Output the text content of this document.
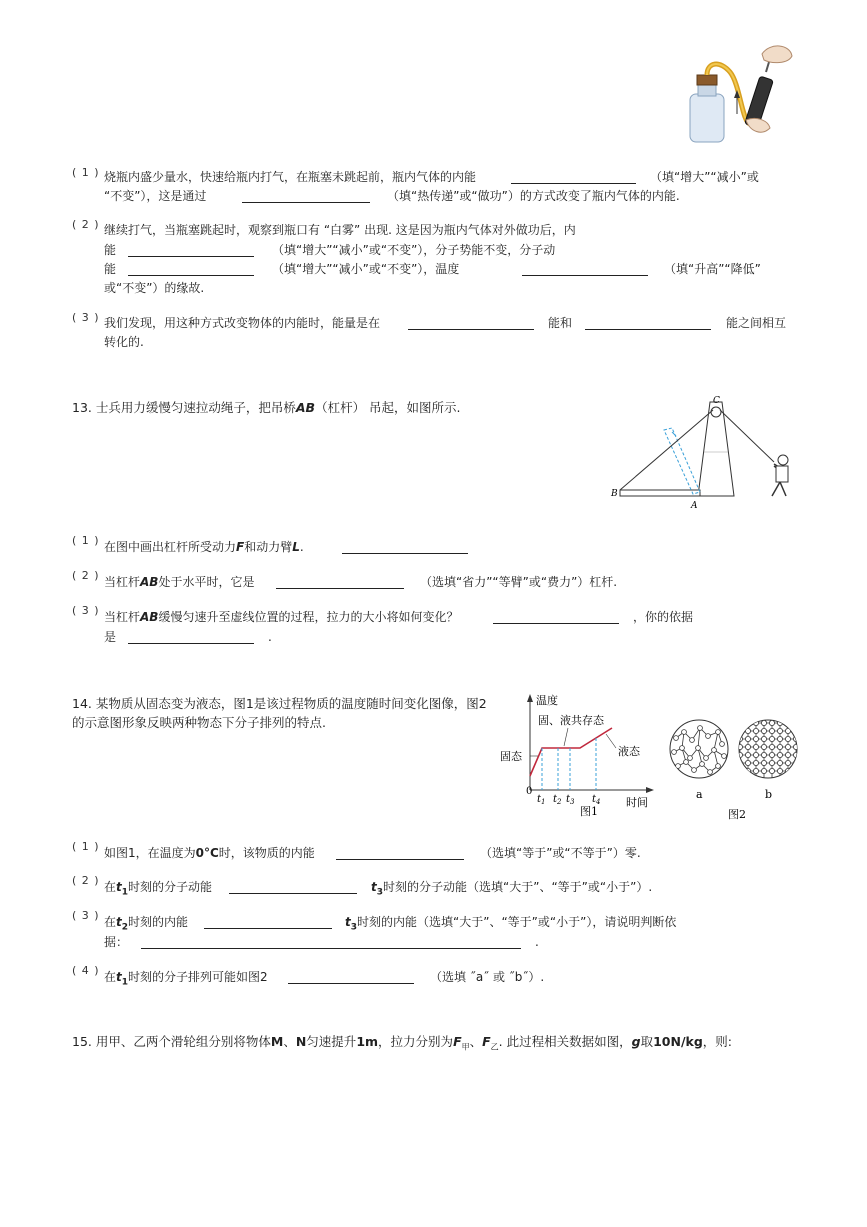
( 1 ) 烧瓶内盛少量水，快速给瓶内打气，在瓶塞未跳起前，瓶内气体的内能	（填“增大”“减小”或
“不变”），这是通过	（填“热传递”或“做功”）的方式改变了瓶内气体的内能.
( 2 ) 继续打气，当瓶塞跳起时，观察到瓶口有 “白雾” 出现. 这是因为瓶内气体对外做功后，内
能	（填“增大”“减小”或“不变”），分子势能不变，分子动
能	（填“增大”“减小”或“不变”），温度	（填“升高”“降低”
或“不变”）的缘故.
( 3 ) 我们发现，用这种方式改变物体的内能时，能量是在	能和	能之间相互
转化的.
13. 士兵用力缓慢匀速拉动绳子，把吊桥AB（杠杆） 吊起，如图所示.	C
B
A
( 1 ) 在图中画出杠杆所受动力F和动力臂L.
( 2 ) 当杠杆AB处于水平时，它是	（选填“省力”“等臂”或“费力”）杠杆.
( 3 ) 当杠杆AB缓慢匀速升至虚线位置的过程，拉力的大小将如何变化？	，你的依据
是	.
14. 某物质从固态变为液态，图1是该过程物质的温度随时间变化图像，图2
的示意图形象反映两种物态下分子排列的特点.
温度
时间
0
固态
固、液共存态
液态
$t_1$ $t_2$ $t_3$ $t_4$
图1
a	b
图2
( 1 ) 如图1，在温度为0°C时，该物质的内能	（选填“等于”或“不等于”）零.
( 2 ) 在$t_1$时刻的分子动能	$t_3$时刻的分子动能（选填“大于”、“等于”或“小于”）.
( 3 ) 在$t_2$时刻的内能	$t_3$时刻的内能（选填“大于”、“等于”或“小于”），请说明判断依
据：	.
( 4 ) 在$t_1$时刻的分子排列可能如图2	（选填 ˝a˝ 或 ˝b˝）.
15. 用甲、乙两个滑轮组分别将物体M、N匀速提升1m，拉力分别为$F_甲$、$F_乙$. 此过程相关数据如图，g取10N/kg，则:
